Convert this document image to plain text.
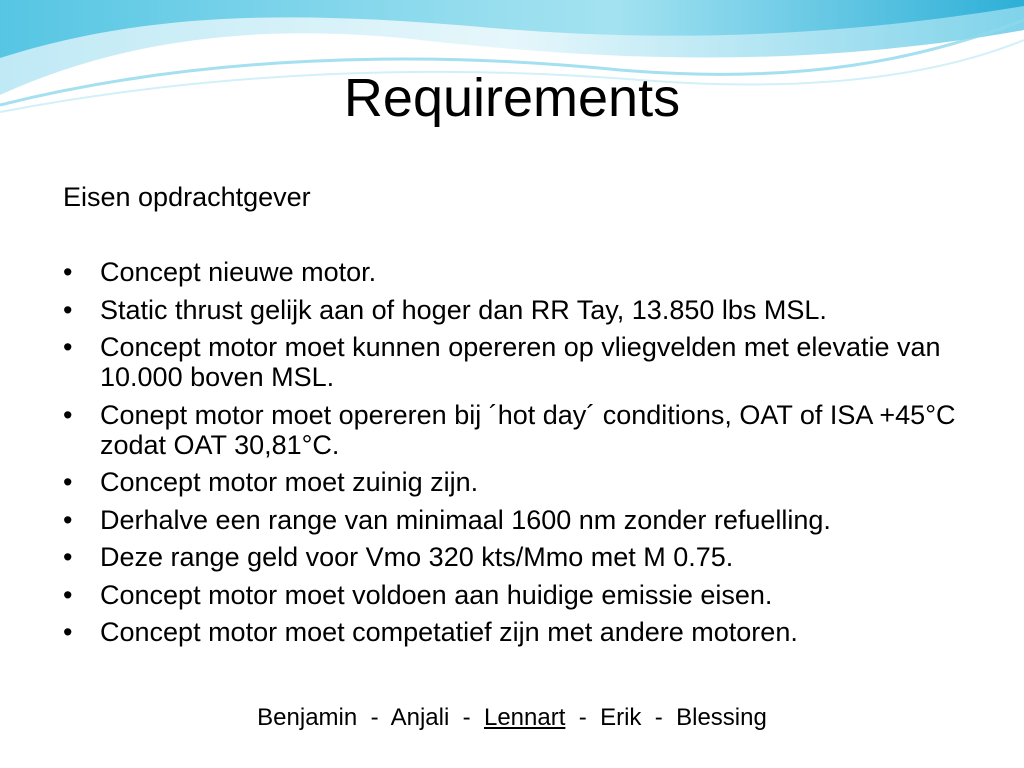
Requirements
Eisen opdrachtgever
• Concept nieuwe motor.
• Static thrust gelijk aan of hoger dan RR Tay, 13.850 lbs MSL.
• Concept motor moet kunnen opereren op vliegvelden met elevatie van 10.000 boven MSL.
• Conept motor moet opereren bij ´hot day´ conditions, OAT of ISA +45°C zodat OAT 30,81°C.
• Concept motor moet zuinig zijn.
• Derhalve een range van minimaal 1600 nm zonder refuelling.
• Deze range geld voor Vmo 320 kts/Mmo met M 0.75.
• Concept motor moet voldoen aan huidige emissie eisen.
• Concept motor moet competatief zijn met andere motoren.
Benjamin - Anjali - Lennart - Erik - Blessing
